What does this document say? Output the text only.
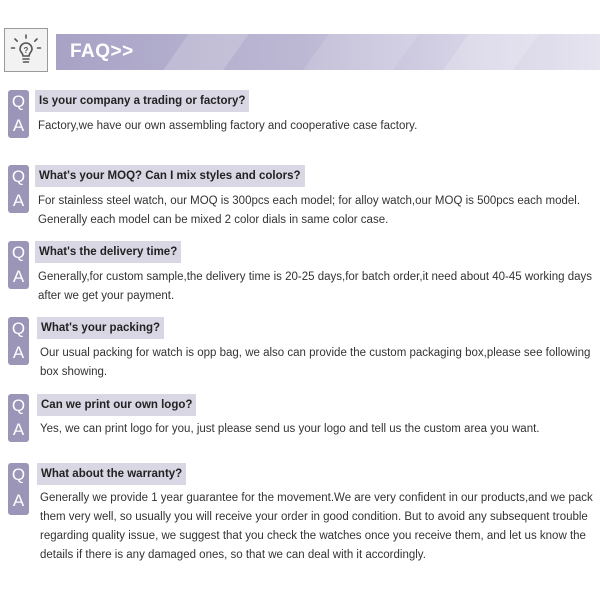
? FAQ>>
Q
A
Is your company a trading or factory?
Factory,we have our own assembling factory and cooperative case factory.
Q
A
What's your MOQ? Can I mix styles and colors?
For stainless steel watch, our MOQ is 300pcs each model; for alloy watch,our MOQ is 500pcs each model. Generally each model can be mixed 2 color dials in same color case.
Q
A
What's the delivery time?
Generally,for custom sample,the delivery time is 20-25 days,for batch order,it need about 40-45 working days after we get your payment.
Q
A
What's your packing?
Our usual packing for watch is opp bag, we also can provide the custom packaging box,please see following box showing.
Q
A
Can we print our own logo?
Yes, we can print logo for you, just please send us your logo and tell us the custom area you want.
Q
A
What about the warranty?
Generally we provide 1 year guarantee for the movement.We are very confident in our products,and we pack them very well, so usually you will receive your order in good condition. But to avoid any subsequent trouble regarding quality issue, we suggest that you check the watches once you receive them, and let us know the details if there is any damaged ones, so that we can deal with it accordingly.
